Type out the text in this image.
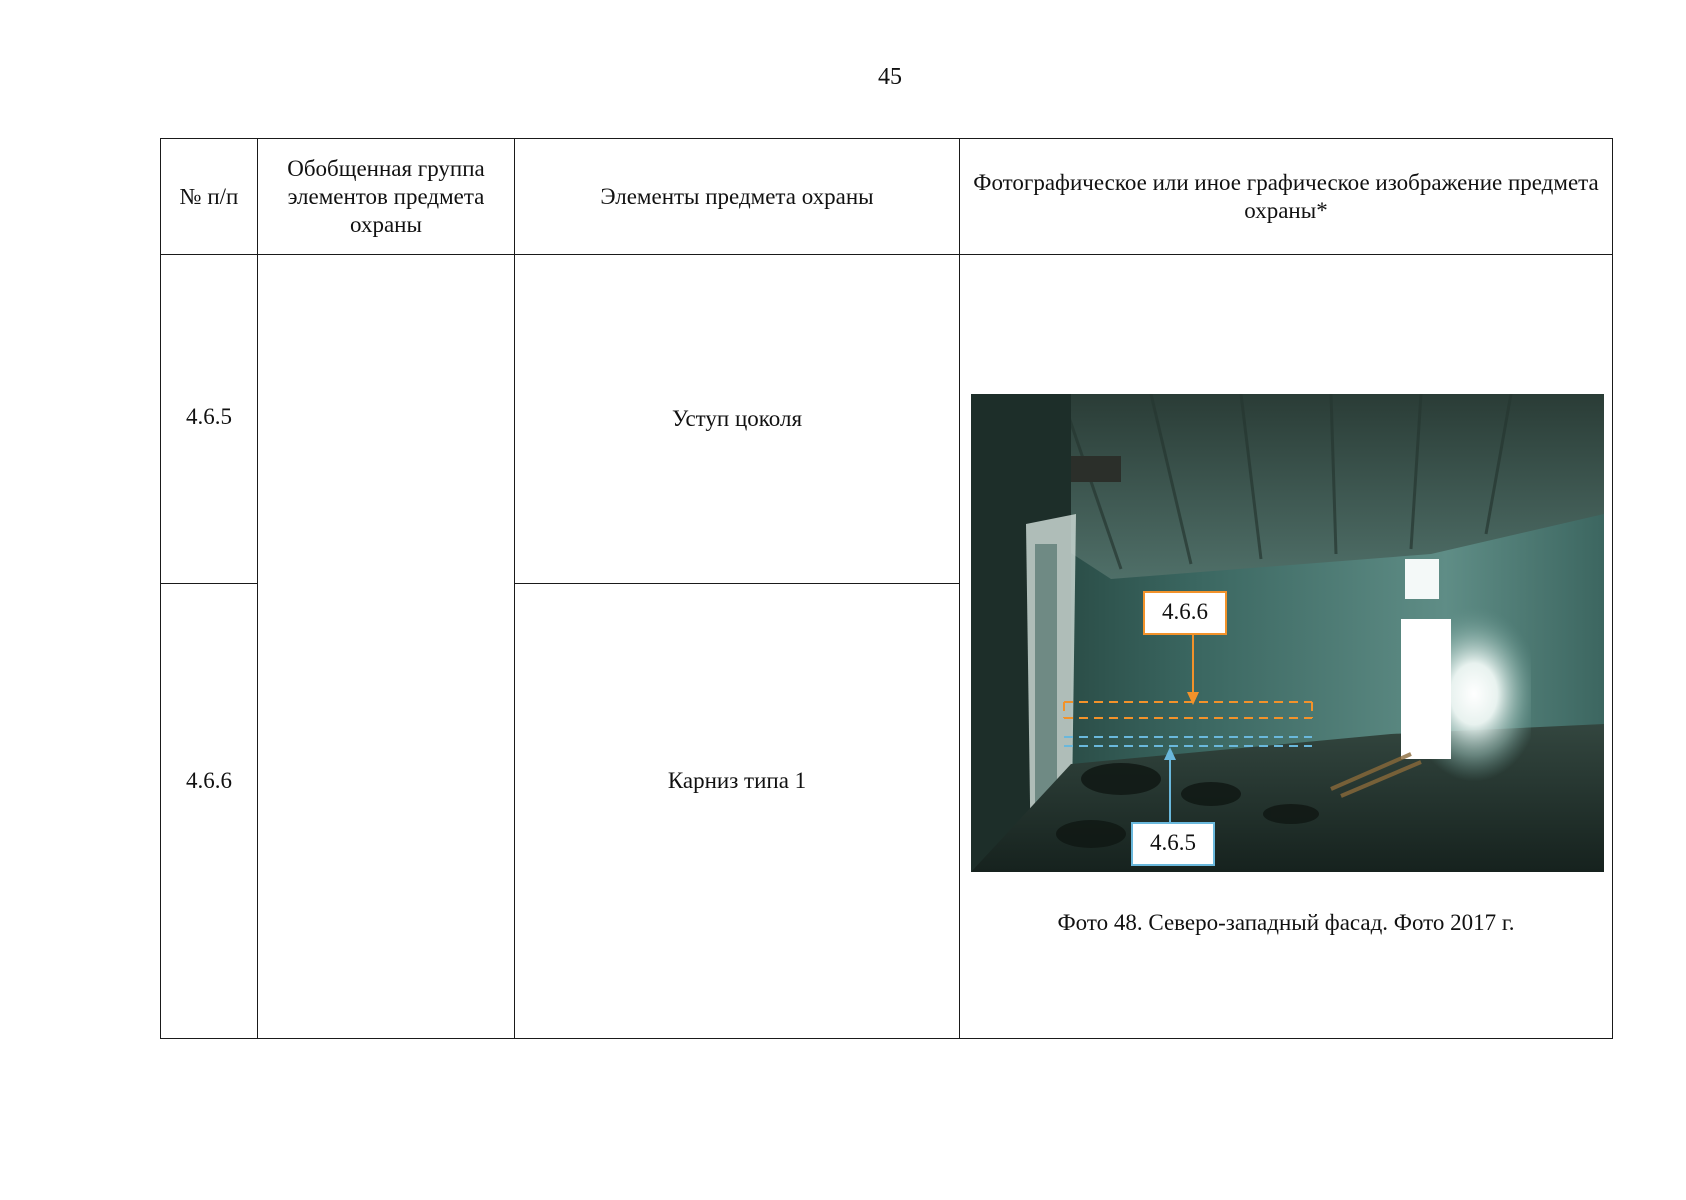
45
№ п/п	Обобщенная группа элементов предмета охраны	Элементы предмета охраны	Фотографическое или иное графическое изображение предмета охраны*
4.6.5		Уступ цоколя	4.6.6
4.6.5
Фото 48. Северо-западный фасад. Фото 2017 г.

4.6.6		Карниз типа 1	
